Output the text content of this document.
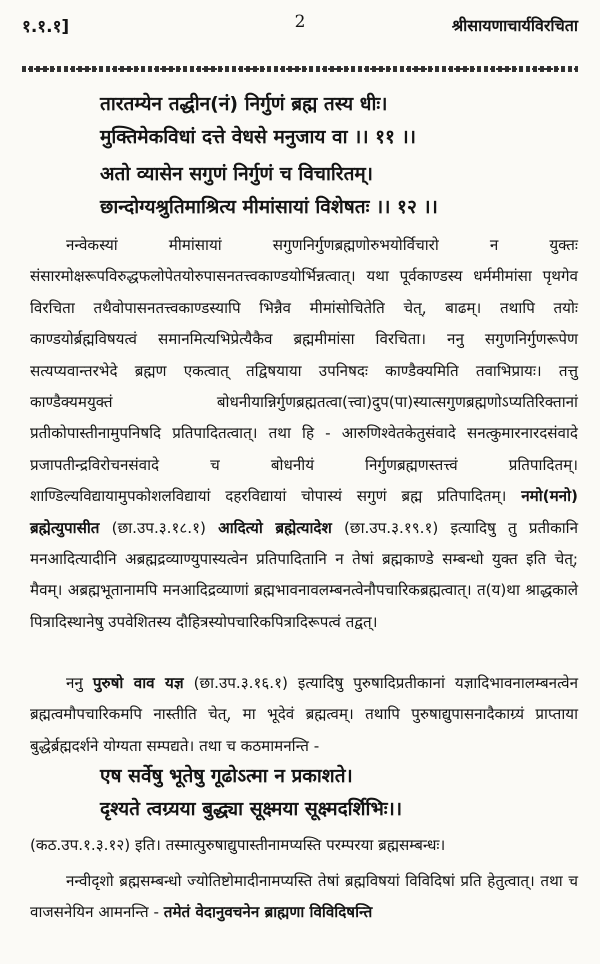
१.१.१]	2	श्रीसायणाचार्यविरचिता
तारतम्येन तद्धीन(नं) निर्गुणं ब्रह्म तस्य धीः।
मुक्तिमेकविधां दत्ते वेधसे मनुजाय वा ।। ११ ।।
अतो व्यासेन सगुणं निर्गुणं च विचारितम्।
छान्दोग्यश्रुतिमाश्रित्य मीमांसायां विशेषतः ।। १२ ।।
नन्वेकस्यां मीमांसायां सगुणनिर्गुणब्रह्मणोरुभयोर्विचारो न युक्तः संसारमोक्षरूपविरुद्धफलोपेतयोरुपासनतत्त्वकाण्डयोर्भिन्नत्वात्। यथा पूर्वकाण्डस्य धर्ममीमांसा पृथगेव विरचिता तथैवोपासनतत्त्वकाण्डस्यापि भिन्नैव मीमांसोचितेति चेत्, बाढम्। तथापि तयोः काण्डयोर्ब्रह्मविषयत्वं समानमित्यभिप्रेत्यैकैव ब्रह्ममीमांसा विरचिता। ननु सगुणनिर्गुणरूपेण सत्यप्यवान्तरभेदे ब्रह्मण एकत्वात् तद्विषयाया उपनिषदः काण्डैक्यमिति तवाभिप्रायः। तत्तु काण्डैक्यमयुक्तं बोधनीयान्निर्गुणब्रह्मतत्वा(त्त्वा)दुप(पा)स्यात्सगुणब्रह्मणोऽप्यतिरिक्तानां प्रतीकोपास्तीनामुपनिषदि प्रतिपादितत्वात्। तथा हि - आरुणिश्वेतकेतुसंवादे सनत्कुमारनारदसंवादे प्रजापतीन्द्रविरोचनसंवादे च बोधनीयं निर्गुणब्रह्मणस्तत्त्वं प्रतिपादितम्। शाण्डिल्यविद्यायामुपकोशलविद्यायां दहरविद्यायां चोपास्यं सगुणं ब्रह्म प्रतिपादितम्। नमो(मनो) ब्रह्मेत्युपासीत (छा.उप.३.१८.१) आदित्यो ब्रह्मेत्यादेश (छा.उप.३.१९.१) इत्यादिषु तु प्रतीकानि मनआदित्यादीनि अब्रह्मद्रव्याण्युपास्यत्वेन प्रतिपादितानि न तेषां ब्रह्मकाण्डे सम्बन्धो युक्त इति चेत्; मैवम्। अब्रह्मभूतानामपि मनआदिद्रव्याणां ब्रह्मभावनावलम्बनत्वेनौपचारिकब्रह्मत्वात्। त(य)था श्राद्धकाले पित्रादिस्थानेषु उपवेशितस्य दौहित्रस्योपचारिकपित्रादिरूपत्वं तद्वत्।
ननु पुरुषो वाव यज्ञ (छा.उप.३.१६.१) इत्यादिषु पुरुषादिप्रतीकानां यज्ञादिभावनालम्बनत्वेन ब्रह्मत्वमौपचारिकमपि नास्तीति चेत्, मा भूदेवं ब्रह्मत्वम्। तथापि पुरुषाद्युपासनादैकाग्र्यं प्राप्ताया बुद्धेर्ब्रह्मदर्शने योग्यता सम्पद्यते। तथा च कठमामनन्ति -
एष सर्वेषु भूतेषु गूढोऽत्मा न प्रकाशते।
दृश्यते त्वग्र्यया बुद्ध्या सूक्ष्मया सूक्ष्मदर्शिभिः।।
(कठ.उप.१.३.१२) इति। तस्मात्पुरुषाद्युपास्तीनामप्यस्ति परम्परया ब्रह्मसम्बन्धः।
नन्वीदृशो ब्रह्मसम्बन्धो ज्योतिष्टोमादीनामप्यस्ति तेषां ब्रह्मविषयां विविदिषां प्रति हेतुत्वात्। तथा च वाजसनेयिन आमनन्ति - तमेतं वेदानुवचनेन ब्राह्मणा विविदिषन्ति
